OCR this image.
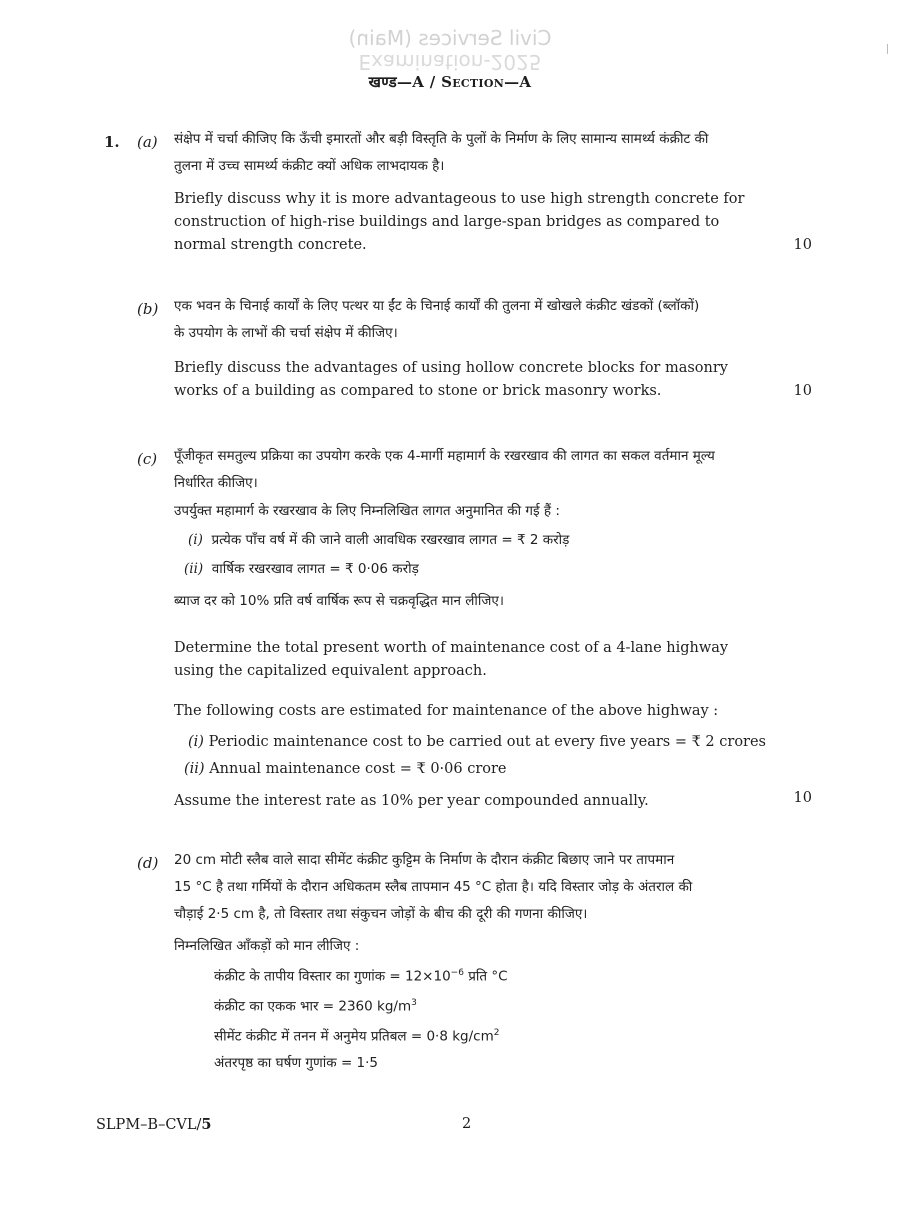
Civil Services (Main)
Examination-2025
खण्ड—A / Section—A
1. (a) संक्षेप में चर्चा कीजिए कि ऊँची इमारतों और बड़ी विस्तृति के पुलों के निर्माण के लिए सामान्य सामर्थ्य कंक्रीट की
तुलना में उच्च सामर्थ्य कंक्रीट क्यों अधिक लाभदायक है।
Briefly discuss why it is more advantageous to use high strength concrete for
construction of high-rise buildings and large-span bridges as compared to
normal strength concrete.	10
(b) एक भवन के चिनाई कार्यों के लिए पत्थर या ईंट के चिनाई कार्यों की तुलना में खोखले कंक्रीट खंडकों (ब्लॉकों)
के उपयोग के लाभों की चर्चा संक्षेप में कीजिए।
Briefly discuss the advantages of using hollow concrete blocks for masonry
works of a building as compared to stone or brick masonry works.	10
(c) पूँजीकृत समतुल्य प्रक्रिया का उपयोग करके एक 4-मार्गी महामार्ग के रखरखाव की लागत का सकल वर्तमान मूल्य
निर्धारित कीजिए।
उपर्युक्त महामार्ग के रखरखाव के लिए निम्नलिखित लागत अनुमानित की गई हैं :
(i) प्रत्येक पाँच वर्ष में की जाने वाली आवधिक रखरखाव लागत = ₹ 2 करोड़
(ii) वार्षिक रखरखाव लागत = ₹ 0·06 करोड़
ब्याज दर को 10% प्रति वर्ष वार्षिक रूप से चक्रवृद्धित मान लीजिए।
Determine the total present worth of maintenance cost of a 4-lane highway
using the capitalized equivalent approach.
The following costs are estimated for maintenance of the above highway :
(i) Periodic maintenance cost to be carried out at every five years = ₹ 2 crores
(ii) Annual maintenance cost = ₹ 0·06 crore
Assume the interest rate as 10% per year compounded annually.	10
(d) 20 cm मोटी स्लैब वाले सादा सीमेंट कंक्रीट कुट्टिम के निर्माण के दौरान कंक्रीट बिछाए जाने पर तापमान
15 °C है तथा गर्मियों के दौरान अधिकतम स्लैब तापमान 45 °C होता है। यदि विस्तार जोड़ के अंतराल की
चौड़ाई 2·5 cm है, तो विस्तार तथा संकुचन जोड़ों के बीच की दूरी की गणना कीजिए।
निम्नलिखित आँकड़ों को मान लीजिए :
कंक्रीट के तापीय विस्तार का गुणांक = $12\times 10^{-6}$ प्रति °C
कंक्रीट का एकक भार = 2360 $kg/m^3$
सीमेंट कंक्रीट में तनन में अनुमेय प्रतिबल = 0·8 $kg/cm^2$
अंतरपृष्ठ का घर्षण गुणांक = 1·5
SLPM–B–CVL/5	2
